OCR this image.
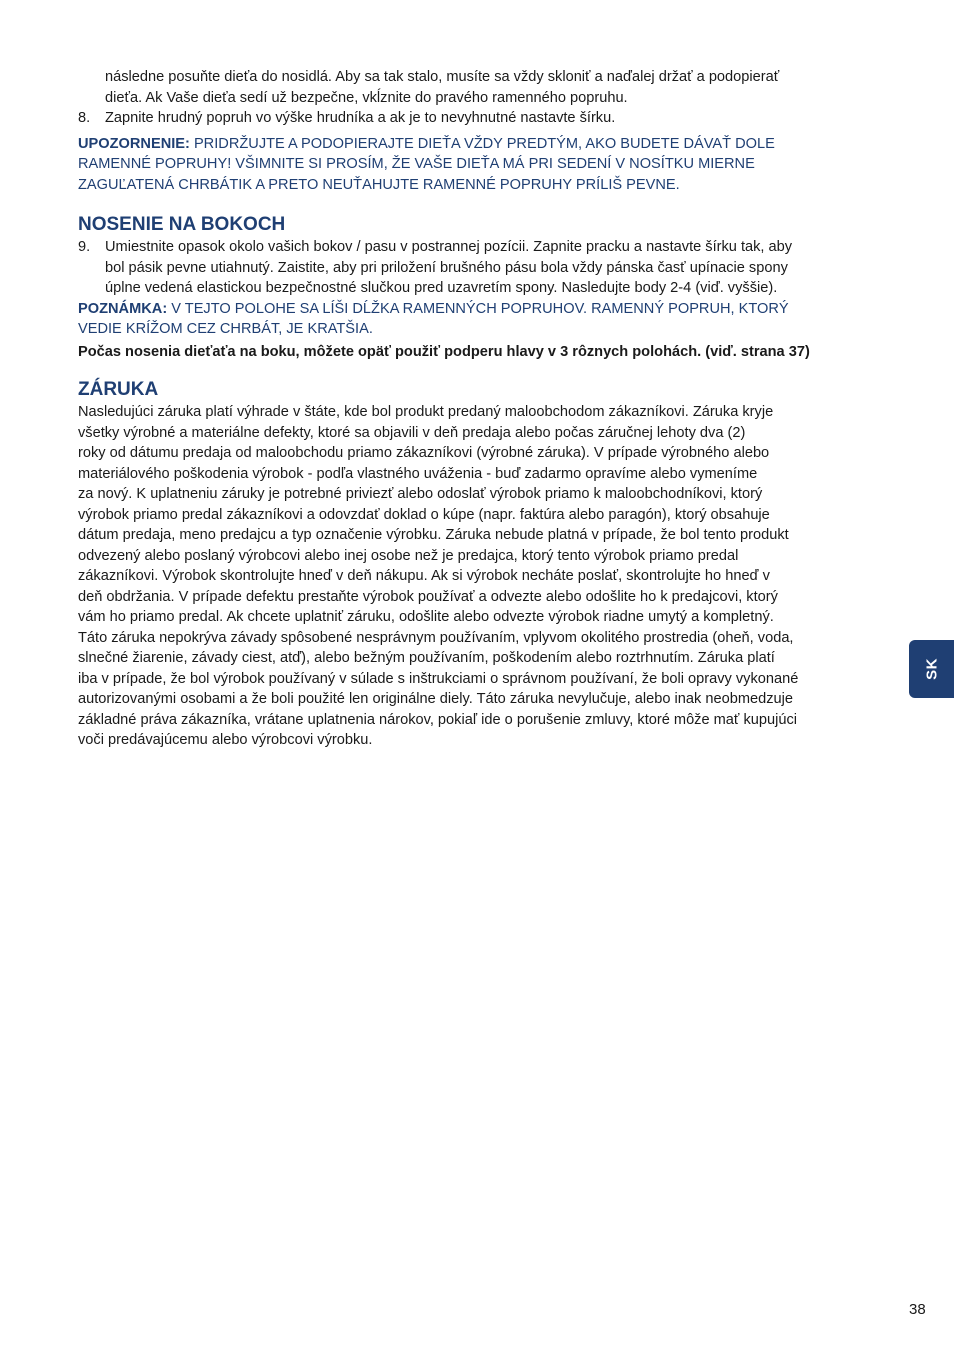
následne posuňte dieťa do nosidlá. Aby sa tak stalo, musíte sa vždy skloniť a naďalej držať a podopierať

dieťa. Ak Vaše dieťa sedí už bezpečne, vkĺznite do pravého ramenného popruhu.

8. Zapnite hrudný popruh vo výške hrudníka a ak je to nevyhnutné nastavte šírku.

UPOZORNENIE: PRIDRŽUJTE A PODOPIERAJTE DIEŤA VŽDY PREDTÝM, AKO BUDETE DÁVAŤ DOLE

RAMENNÉ POPRUHY! VŠIMNITE SI PROSÍM, ŽE VAŠE DIEŤA MÁ PRI SEDENÍ V NOSÍTKU MIERNE

ZAGUĽATENÁ CHRBÁTIK A PRETO NEUŤAHUJTE RAMENNÉ POPRUHY PRÍLIŠ PEVNE.

NOSENIE NA BOKOCH
9. Umiestnite opasok okolo vašich bokov / pasu v postrannej pozícii. Zapnite pracku a nastavte šírku tak, aby

bol pásik pevne utiahnutý. Zaistite, aby pri priložení brušného pásu bola vždy pánska časť upínacie spony

úplne vedená elastickou bezpečnostné slučkou pred uzavretím spony. Nasledujte body 2-4 (viď. vyššie).

POZNÁMKA: V TEJTO POLOHE SA LÍŠI DĹŽKA RAMENNÝCH POPRUHOV. RAMENNÝ POPRUH, KTORÝ

VEDIE KRÍŽOM CEZ CHRBÁT, JE KRATŠIA.

Počas nosenia dieťaťa na boku, môžete opäť použiť podperu hlavy v 3 rôznych polohách. (viď. strana 37)

ZÁRUKA

Nasledujúci záruka platí výhrade v štáte, kde bol produkt predaný maloobchodom zákazníkovi. Záruka kryje

všetky výrobné a materiálne defekty, ktoré sa objavili v deň predaja alebo počas záručnej lehoty dva (2)

roky od dátumu predaja od maloobchodu priamo zákazníkovi (výrobné záruka). V prípade výrobného alebo

materiálového poškodenia výrobok - podľa vlastného uváženia - buď zadarmo opravíme alebo vymeníme

za nový. K uplatneniu záruky je potrebné priviezť alebo odoslať výrobok priamo k maloobchodníkovi, ktorý

výrobok priamo predal zákazníkovi a odovzdať doklad o kúpe (napr. faktúra alebo paragón), ktorý obsahuje

dátum predaja, meno predajcu a typ označenie výrobku. Záruka nebude platná v prípade, že bol tento produkt

odvezený alebo poslaný výrobcovi alebo inej osobe než je predajca, ktorý tento výrobok priamo predal

zákazníkovi. Výrobok skontrolujte hneď v deň nákupu. Ak si výrobok necháte poslať, skontrolujte ho hneď v

deň obdržania. V prípade defektu prestaňte výrobok používať a odvezte alebo odošlite ho k predajcovi, ktorý

vám ho priamo predal. Ak chcete uplatniť záruku, odošlite alebo odvezte výrobok riadne umytý a kompletný.

Táto záruka nepokrýva závady spôsobené nesprávnym používaním, vplyvom okolitého prostredia (oheň, voda,

slnečné žiarenie, závady ciest, atď), alebo bežným používaním, poškodením alebo roztrhnutím. Záruka platí

iba v prípade, že bol výrobok používaný v súlade s inštrukciami o správnom používaní, že boli opravy vykonané

autorizovanými osobami a že boli použité len originálne diely. Táto záruka nevylučuje, alebo inak neobmedzuje

základné práva zákazníka, vrátane uplatnenia nárokov, pokiaľ ide o porušenie zmluvy, ktoré môže mať kupujúci

voči predávajúcemu alebo výrobcovi výrobku.

SK
38
